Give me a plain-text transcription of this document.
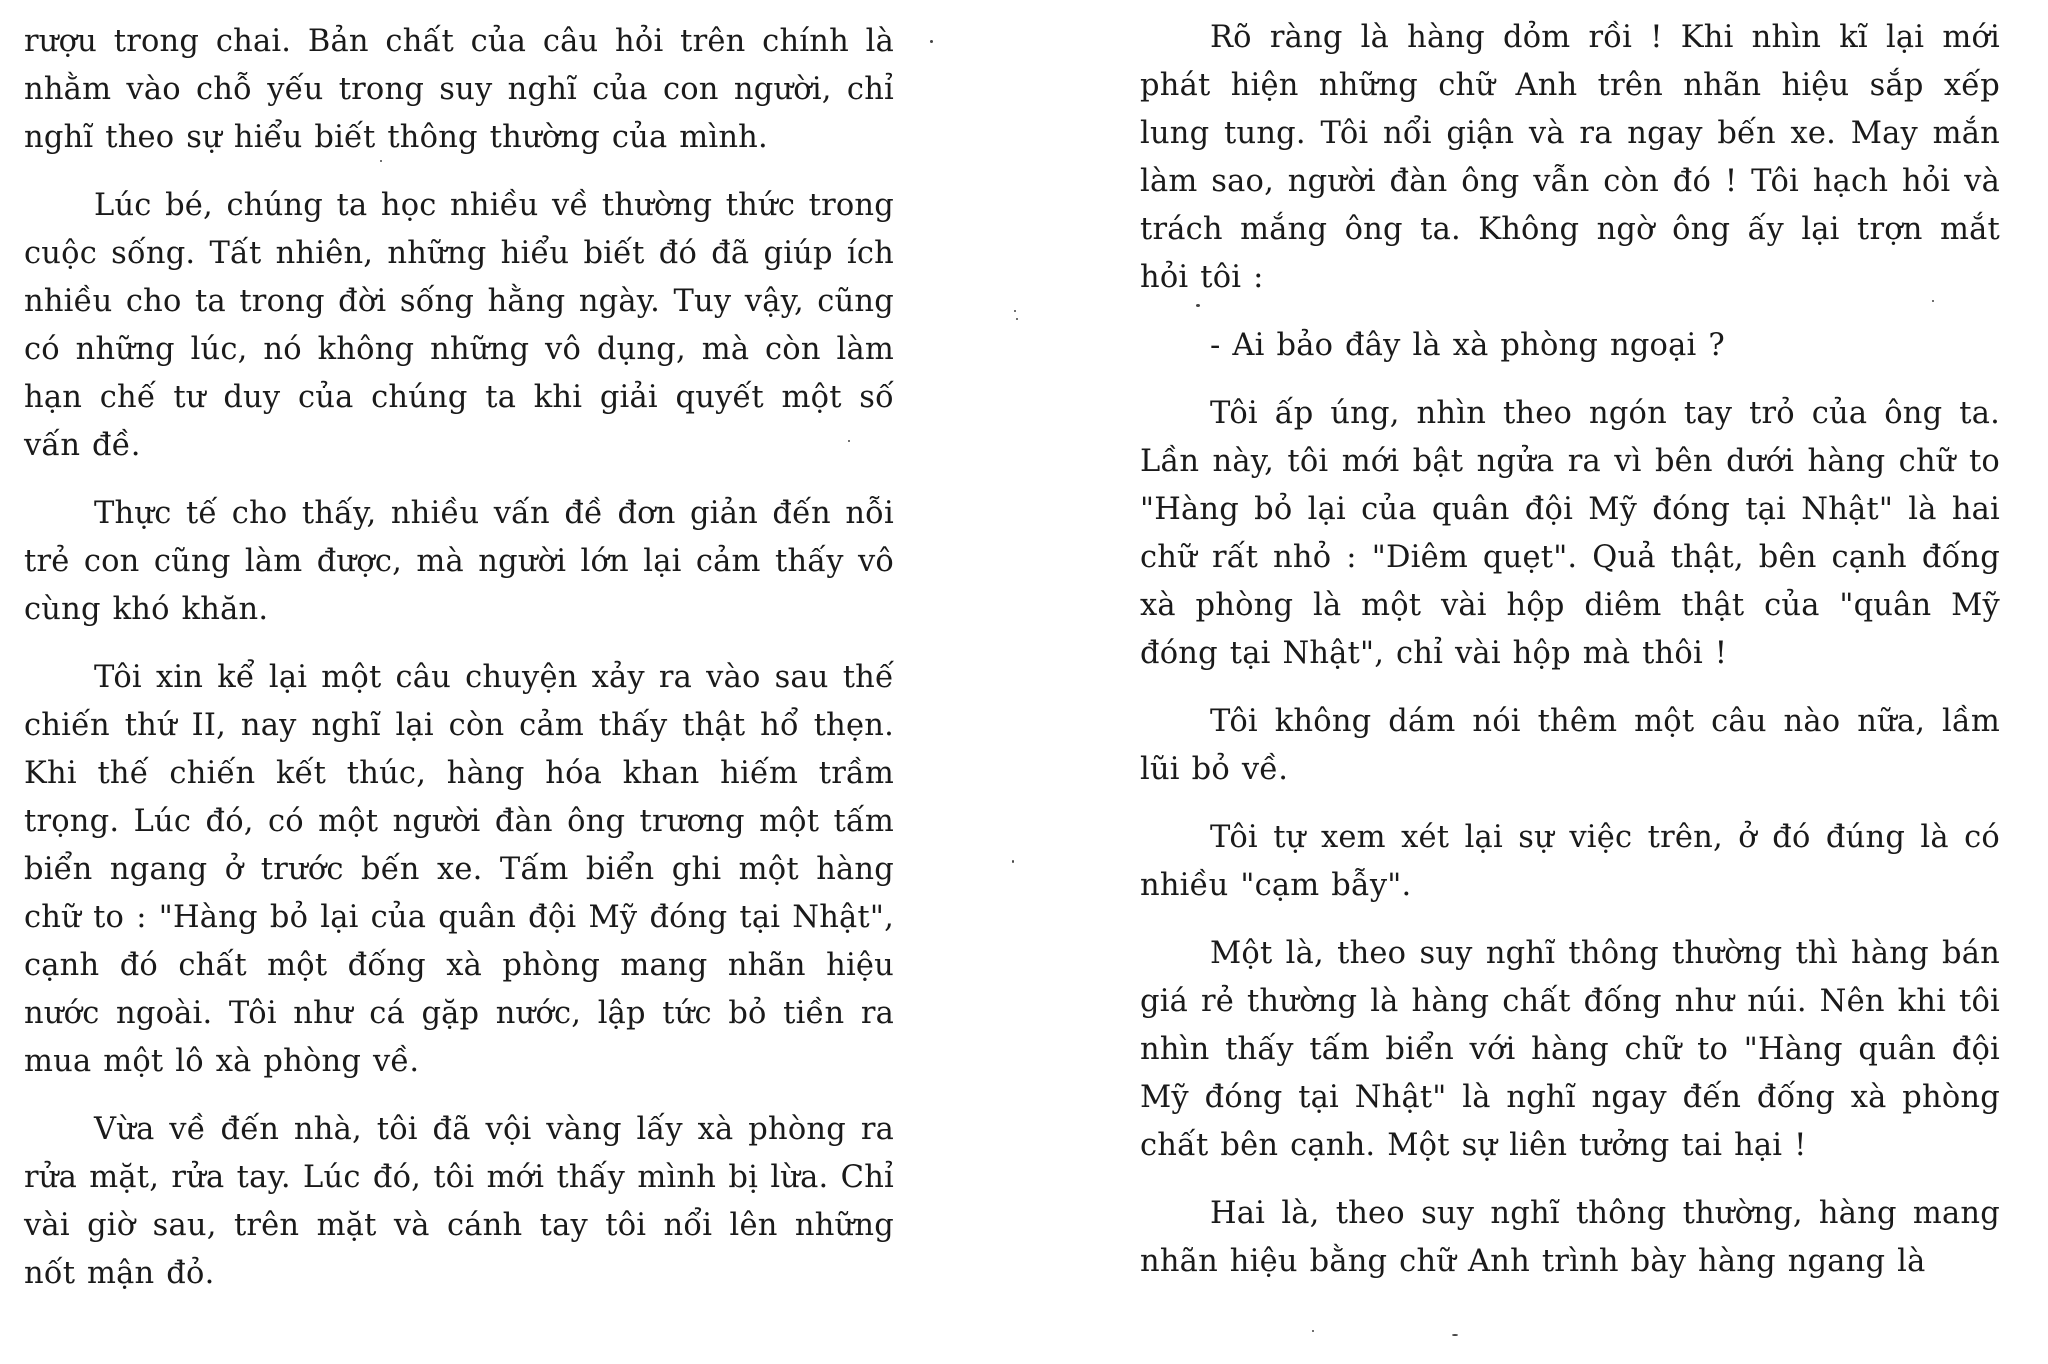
rượu trong chai. Bản chất của câu hỏi trên chính là nhằm vào chỗ yếu trong suy nghĩ của con người, chỉ nghĩ theo sự hiểu biết thông thường của mình.

Lúc bé, chúng ta học nhiều về thường thức trong cuộc sống. Tất nhiên, những hiểu biết đó đã giúp ích nhiều cho ta trong đời sống hằng ngày. Tuy vậy, cũng có những lúc, nó không những vô dụng, mà còn làm hạn chế tư duy của chúng ta khi giải quyết một số vấn đề.

Thực tế cho thấy, nhiều vấn đề đơn giản đến nỗi trẻ con cũng làm được, mà người lớn lại cảm thấy vô cùng khó khăn.

Tôi xin kể lại một câu chuyện xảy ra vào sau thế chiến thứ II, nay nghĩ lại còn cảm thấy thật hổ thẹn. Khi thế chiến kết thúc, hàng hóa khan hiếm trầm trọng. Lúc đó, có một người đàn ông trương một tấm biển ngang ở trước bến xe. Tấm biển ghi một hàng chữ to : "Hàng bỏ lại của quân đội Mỹ đóng tại Nhật", cạnh đó chất một đống xà phòng mang nhãn hiệu nước ngoài. Tôi như cá gặp nước, lập tức bỏ tiền ra mua một lô xà phòng về.

Vừa về đến nhà, tôi đã vội vàng lấy xà phòng ra rửa mặt, rửa tay. Lúc đó, tôi mới thấy mình bị lừa. Chỉ vài giờ sau, trên mặt và cánh tay tôi nổi lên những nốt mận đỏ.

Rõ ràng là hàng dỏm rồi ! Khi nhìn kĩ lại mới phát hiện những chữ Anh trên nhãn hiệu sắp xếp lung tung. Tôi nổi giận và ra ngay bến xe. May mắn làm sao, người đàn ông vẫn còn đó ! Tôi hạch hỏi và trách mắng ông ta. Không ngờ ông ấy lại trợn mắt hỏi tôi :

- Ai bảo đây là xà phòng ngoại ?

Tôi ấp úng, nhìn theo ngón tay trỏ của ông ta. Lần này, tôi mới bật ngửa ra vì bên dưới hàng chữ to "Hàng bỏ lại của quân đội Mỹ đóng tại Nhật" là hai chữ rất nhỏ : "Diêm quẹt". Quả thật, bên cạnh đống xà phòng là một vài hộp diêm thật của "quân Mỹ đóng tại Nhật", chỉ vài hộp mà thôi !

Tôi không dám nói thêm một câu nào nữa, lầm lũi bỏ về.

Tôi tự xem xét lại sự việc trên, ở đó đúng là có nhiều "cạm bẫy".

Một là, theo suy nghĩ thông thường thì hàng bán giá rẻ thường là hàng chất đống như núi. Nên khi tôi nhìn thấy tấm biển với hàng chữ to "Hàng quân đội Mỹ đóng tại Nhật" là nghĩ ngay đến đống xà phòng chất bên cạnh. Một sự liên tưởng tai hại !

Hai là, theo suy nghĩ thông thường, hàng mang nhãn hiệu bằng chữ Anh trình bày hàng ngang là
